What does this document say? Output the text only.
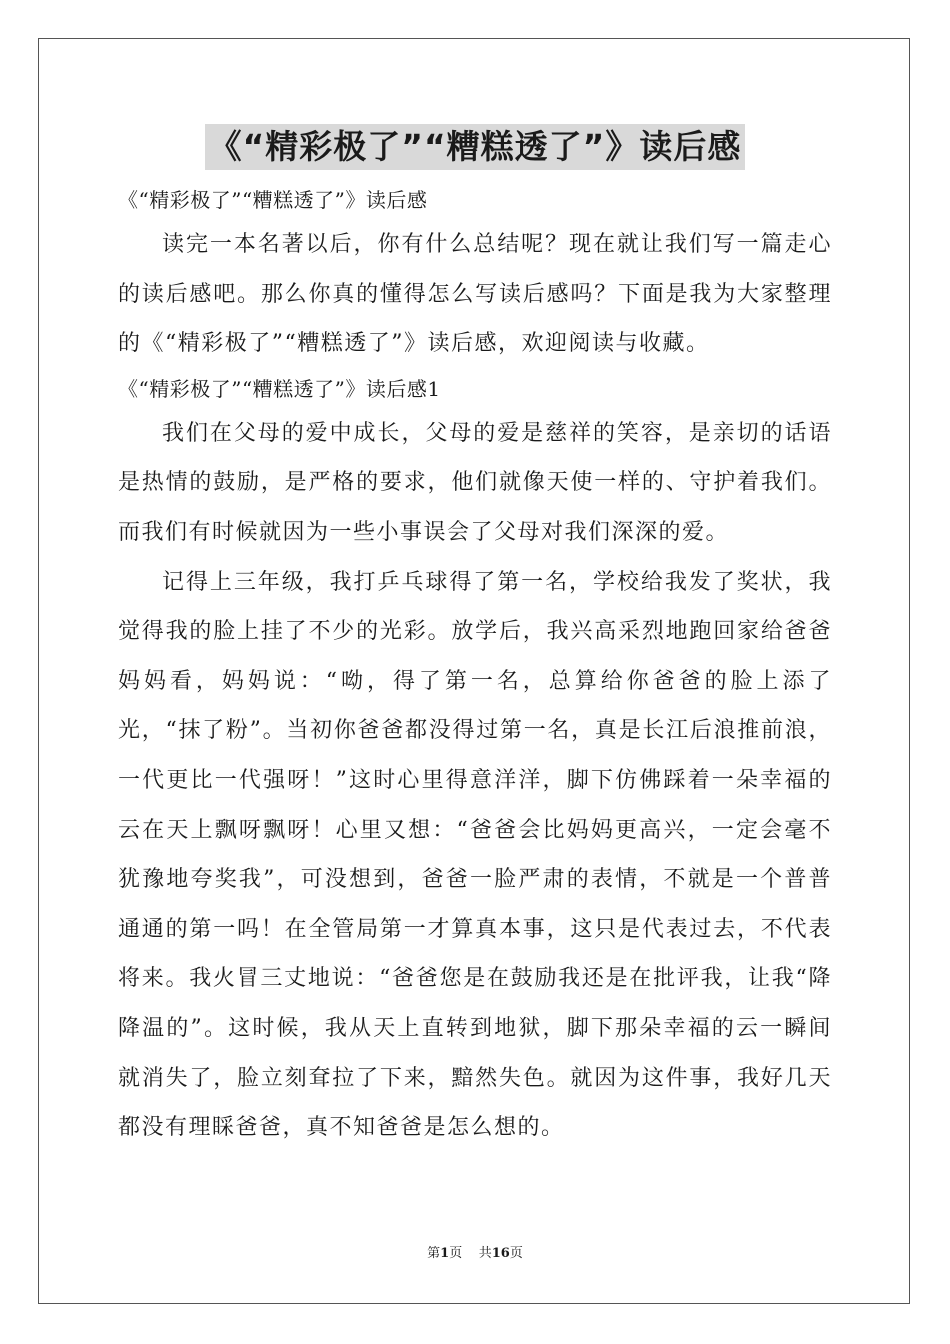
《“精彩极了”“糟糕透了”》读后感

《“精彩极了”“糟糕透了”》读后感

读完一本名著以后，你有什么总结呢？现在就让我们写一篇走心的读后感吧。那么你真的懂得怎么写读后感吗？下面是我为大家整理的《“精彩极了”“糟糕透了”》读后感，欢迎阅读与收藏。

《“精彩极了”“糟糕透了”》读后感1

我们在父母的爱中成长，父母的爱是慈祥的笑容，是亲切的话语是热情的鼓励，是严格的要求，他们就像天使一样的、守护着我们。而我们有时候就因为一些小事误会了父母对我们深深的爱。

记得上三年级，我打乒乓球得了第一名，学校给我发了奖状，我觉得我的脸上挂了不少的光彩。放学后，我兴高采烈地跑回家给爸爸妈妈看，妈妈说：“呦，得了第一名，总算给你爸爸的脸上添了光，“抹了粉”。当初你爸爸都没得过第一名，真是长江后浪推前浪，一代更比一代强呀！”这时心里得意洋洋，脚下仿佛踩着一朵幸福的云在天上飘呀飘呀！心里又想：“爸爸会比妈妈更高兴，一定会毫不犹豫地夸奖我”，可没想到，爸爸一脸严肃的表情，不就是一个普普通通的第一吗！在全管局第一才算真本事，这只是代表过去，不代表将来。我火冒三丈地说：“爸爸您是在鼓励我还是在批评我，让我“降降温的”。这时候，我从天上直转到地狱，脚下那朵幸福的云一瞬间就消失了，脸立刻耷拉了下来，黯然失色。就因为这件事，我好几天都没有理睬爸爸，真不知爸爸是怎么想的。

第1页 共16页
